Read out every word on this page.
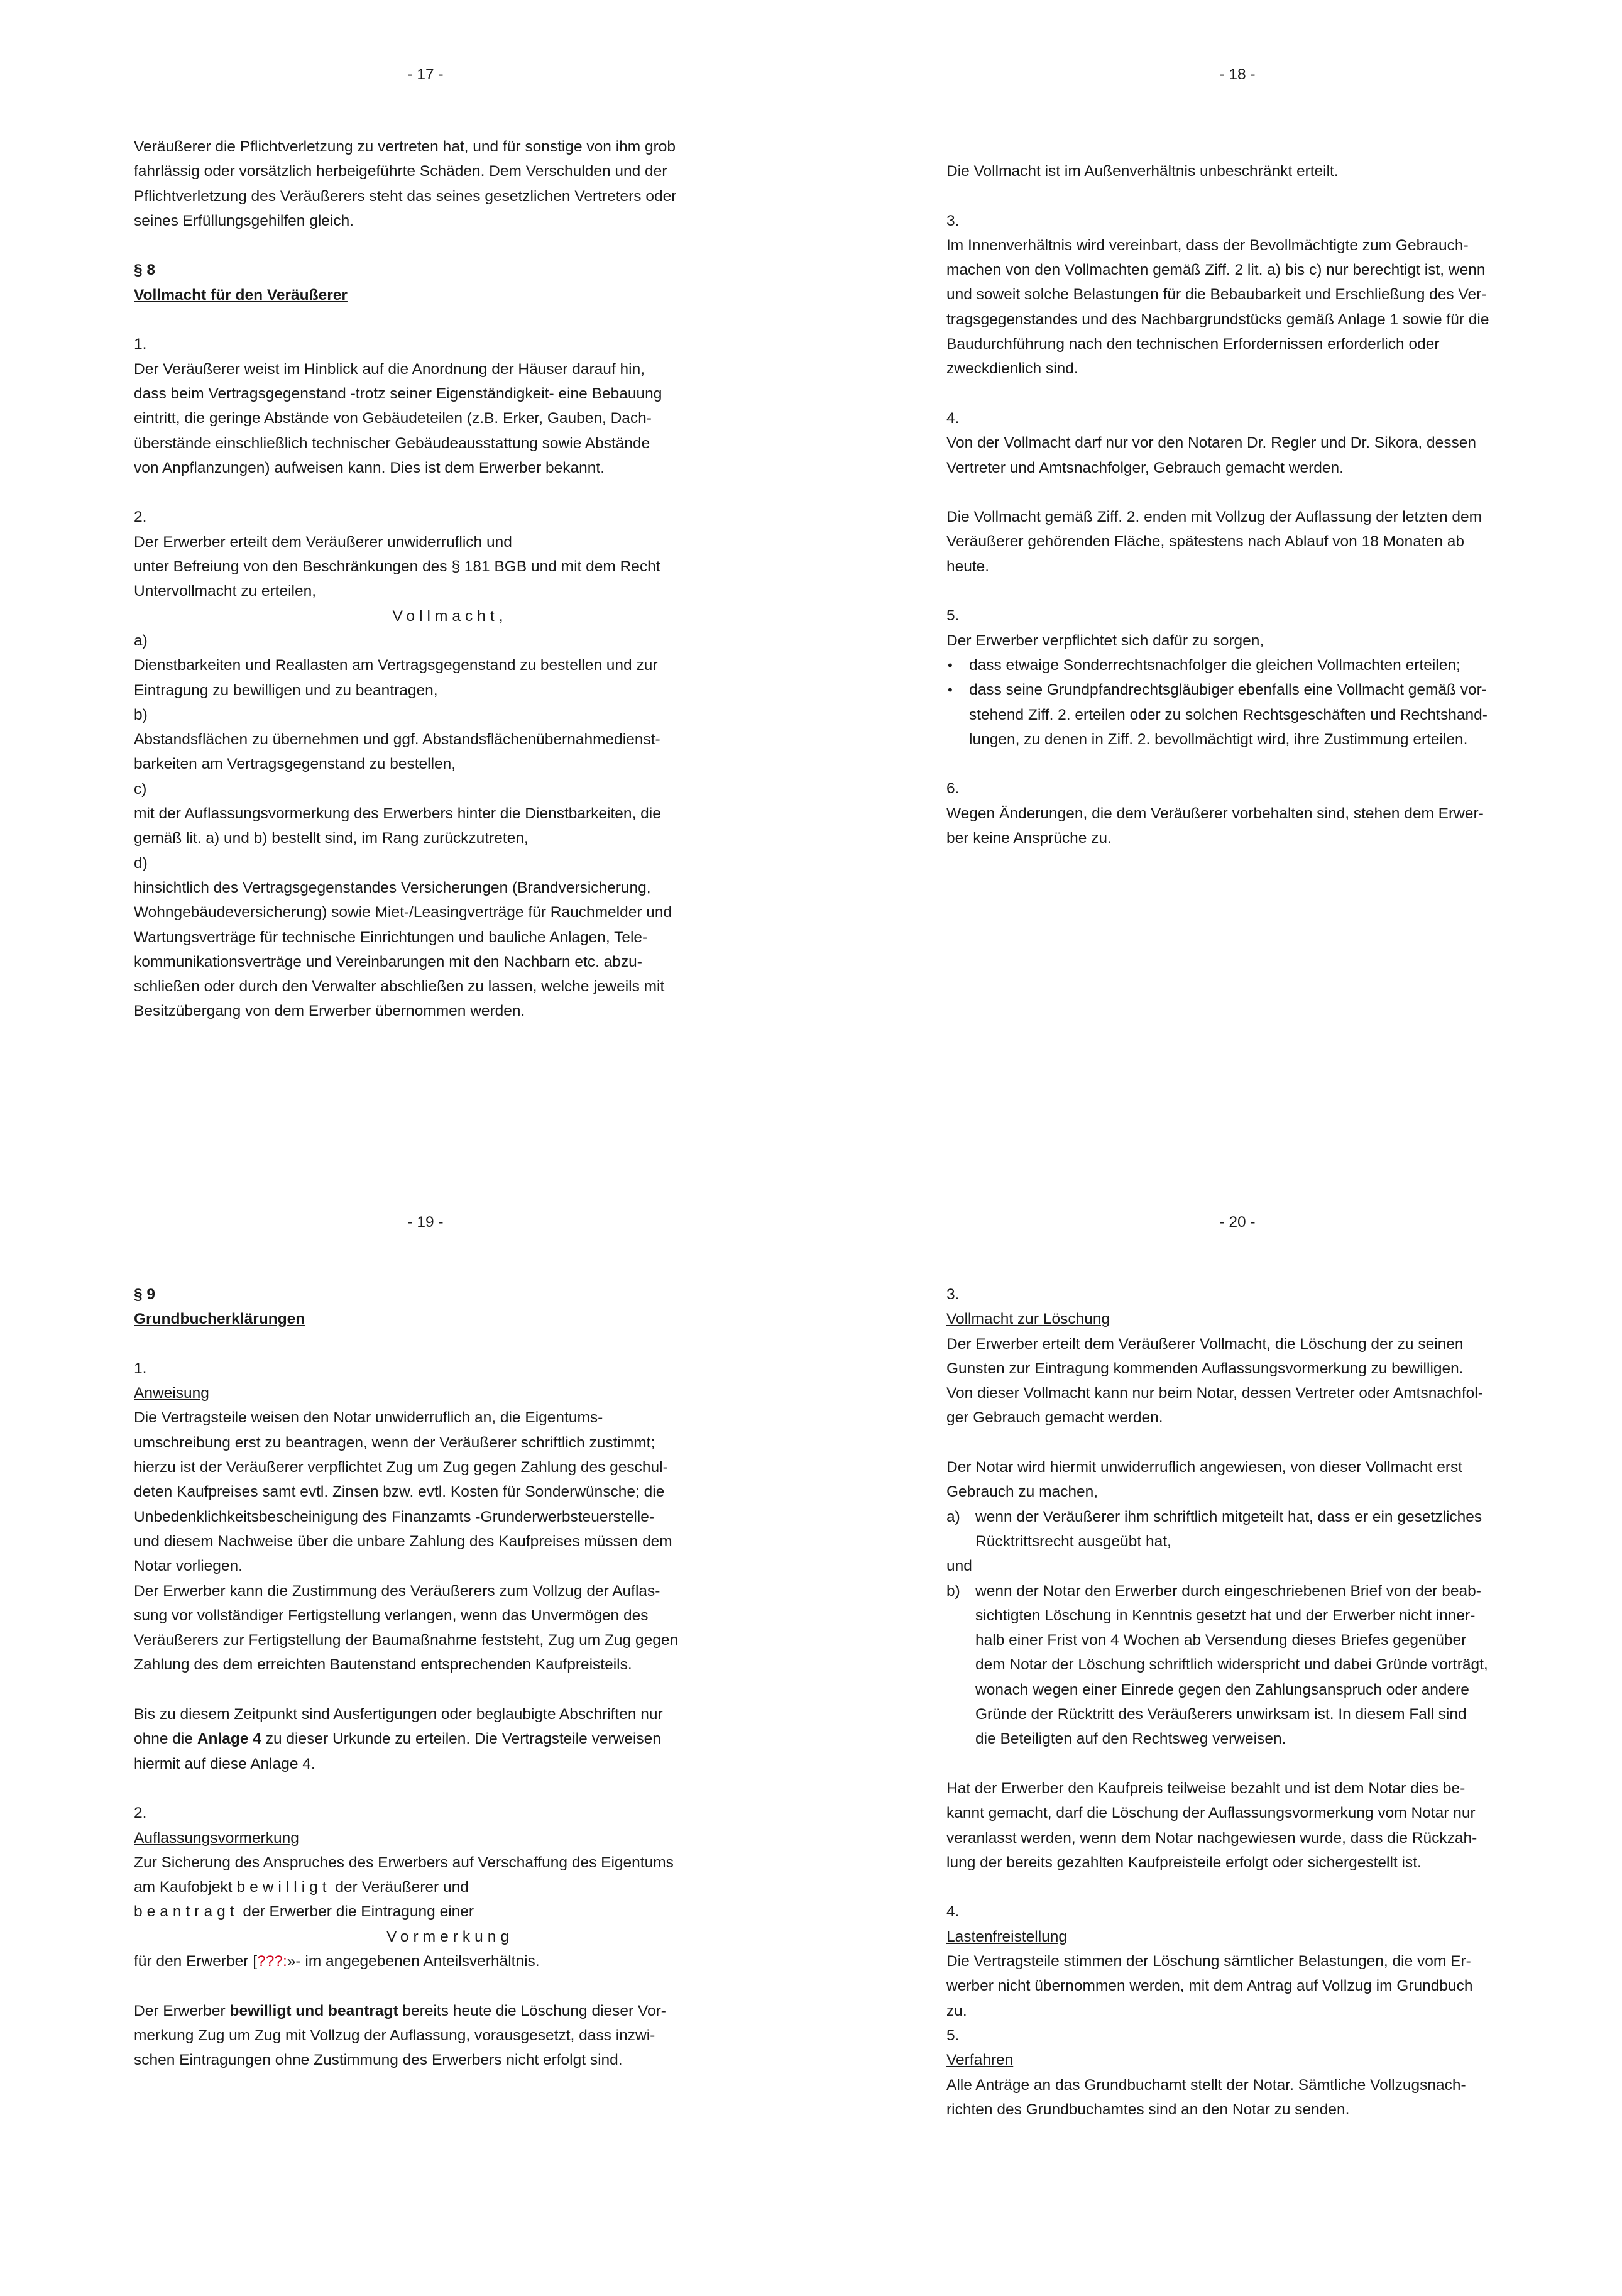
- 17 -	- 18 -
- 19 -	- 20 -
Veräußerer die Pflichtverletzung zu vertreten hat, und für sonstige von ihm grob
fahrlässig oder vorsätzlich herbeigeführte Schäden. Dem Verschulden und der
Pflichtverletzung des Veräußerers steht das seines gesetzlichen Vertreters oder
seines Erfüllungsgehilfen gleich.
§ 8
Vollmacht für den Veräußerer
1.
Der Veräußerer weist im Hinblick auf die Anordnung der Häuser darauf hin,
dass beim Vertragsgegenstand -trotz seiner Eigenständigkeit- eine Bebauung
eintritt, die geringe Abstände von Gebäudeteilen (z.B. Erker, Gauben, Dach-
überstände einschließlich technischer Gebäudeausstattung sowie Abstände
von Anpflanzungen) aufweisen kann. Dies ist dem Erwerber bekannt.
2.
Der Erwerber erteilt dem Veräußerer unwiderruflich und
unter Befreiung von den Beschränkungen des § 181 BGB und mit dem Recht
Untervollmacht zu erteilen,
Vollmacht,
a)
Dienstbarkeiten und Reallasten am Vertragsgegenstand zu bestellen und zur
Eintragung zu bewilligen und zu beantragen,
b)
Abstandsflächen zu übernehmen und ggf. Abstandsflächenübernahmedienst-
barkeiten am Vertragsgegenstand zu bestellen,
c)
mit der Auflassungsvormerkung des Erwerbers hinter die Dienstbarkeiten, die
gemäß lit. a) und b) bestellt sind, im Rang zurückzutreten,
d)
hinsichtlich des Vertragsgegenstandes Versicherungen (Brandversicherung,
Wohngebäudeversicherung) sowie Miet-/Leasingverträge für Rauchmelder und
Wartungsverträge für technische Einrichtungen und bauliche Anlagen, Tele-
kommunikationsverträge und Vereinbarungen mit den Nachbarn etc. abzu-
schließen oder durch den Verwalter abschließen zu lassen, welche jeweils mit
Besitzübergang von dem Erwerber übernommen werden.
Die Vollmacht ist im Außenverhältnis unbeschränkt erteilt.
3.
Im Innenverhältnis wird vereinbart, dass der Bevollmächtigte zum Gebrauch-
machen von den Vollmachten gemäß Ziff. 2 lit. a) bis c) nur berechtigt ist, wenn
und soweit solche Belastungen für die Bebaubarkeit und Erschließung des Ver-
tragsgegenstandes und des Nachbargrundstücks gemäß Anlage 1 sowie für die
Baudurchführung nach den technischen Erfordernissen erforderlich oder
zweckdienlich sind.
4.
Von der Vollmacht darf nur vor den Notaren Dr. Regler und Dr. Sikora, dessen
Vertreter und Amtsnachfolger, Gebrauch gemacht werden.
Die Vollmacht gemäß Ziff. 2. enden mit Vollzug der Auflassung der letzten dem
Veräußerer gehörenden Fläche, spätestens nach Ablauf von 18 Monaten ab
heute.
5.
Der Erwerber verpflichtet sich dafür zu sorgen,
• dass etwaige Sonderrechtsnachfolger die gleichen Vollmachten erteilen;
• dass seine Grundpfandrechtsgläubiger ebenfalls eine Vollmacht gemäß vor-
stehend Ziff. 2. erteilen oder zu solchen Rechtsgeschäften und Rechtshand-
lungen, zu denen in Ziff. 2. bevollmächtigt wird, ihre Zustimmung erteilen.
6.
Wegen Änderungen, die dem Veräußerer vorbehalten sind, stehen dem Erwer-
ber keine Ansprüche zu.
§ 9
Grundbucherklärungen
1.
Anweisung
Die Vertragsteile weisen den Notar unwiderruflich an, die Eigentums-
umschreibung erst zu beantragen, wenn der Veräußerer schriftlich zustimmt;
hierzu ist der Veräußerer verpflichtet Zug um Zug gegen Zahlung des geschul-
deten Kaufpreises samt evtl. Zinsen bzw. evtl. Kosten für Sonderwünsche; die
Unbedenklichkeitsbescheinigung des Finanzamts -Grunderwerbsteuerstelle-
und diesem Nachweise über die unbare Zahlung des Kaufpreises müssen dem
Notar vorliegen.
Der Erwerber kann die Zustimmung des Veräußerers zum Vollzug der Auflas-
sung vor vollständiger Fertigstellung verlangen, wenn das Unvermögen des
Veräußerers zur Fertigstellung der Baumaßnahme feststeht, Zug um Zug gegen
Zahlung des dem erreichten Bautenstand entsprechenden Kaufpreisteils.
Bis zu diesem Zeitpunkt sind Ausfertigungen oder beglaubigte Abschriften nur
ohne die Anlage 4 zu dieser Urkunde zu erteilen. Die Vertragsteile verweisen
hiermit auf diese Anlage 4.
2.
Auflassungsvormerkung
Zur Sicherung des Anspruches des Erwerbers auf Verschaffung des Eigentums
am Kaufobjekt bewilligt der Veräußerer und
beantragt der Erwerber die Eintragung einer
Vormerkung
für den Erwerber [???:»- im angegebenen Anteilsverhältnis.
Der Erwerber bewilligt und beantragt bereits heute die Löschung dieser Vor-
merkung Zug um Zug mit Vollzug der Auflassung, vorausgesetzt, dass inzwi-
schen Eintragungen ohne Zustimmung des Erwerbers nicht erfolgt sind.
3.
Vollmacht zur Löschung
Der Erwerber erteilt dem Veräußerer Vollmacht, die Löschung der zu seinen
Gunsten zur Eintragung kommenden Auflassungsvormerkung zu bewilligen.
Von dieser Vollmacht kann nur beim Notar, dessen Vertreter oder Amtsnachfol-
ger Gebrauch gemacht werden.
Der Notar wird hiermit unwiderruflich angewiesen, von dieser Vollmacht erst
Gebrauch zu machen,
a) wenn der Veräußerer ihm schriftlich mitgeteilt hat, dass er ein gesetzliches
Rücktrittsrecht ausgeübt hat,
und
b) wenn der Notar den Erwerber durch eingeschriebenen Brief von der beab-
sichtigten Löschung in Kenntnis gesetzt hat und der Erwerber nicht inner-
halb einer Frist von 4 Wochen ab Versendung dieses Briefes gegenüber
dem Notar der Löschung schriftlich widerspricht und dabei Gründe vorträgt,
wonach wegen einer Einrede gegen den Zahlungsanspruch oder andere
Gründe der Rücktritt des Veräußerers unwirksam ist. In diesem Fall sind
die Beteiligten auf den Rechtsweg verweisen.
Hat der Erwerber den Kaufpreis teilweise bezahlt und ist dem Notar dies be-
kannt gemacht, darf die Löschung der Auflassungsvormerkung vom Notar nur
veranlasst werden, wenn dem Notar nachgewiesen wurde, dass die Rückzah-
lung der bereits gezahlten Kaufpreisteile erfolgt oder sichergestellt ist.
4.
Lastenfreistellung
Die Vertragsteile stimmen der Löschung sämtlicher Belastungen, die vom Er-
werber nicht übernommen werden, mit dem Antrag auf Vollzug im Grundbuch
zu.
5.
Verfahren
Alle Anträge an das Grundbuchamt stellt der Notar. Sämtliche Vollzugsnach-
richten des Grundbuchamtes sind an den Notar zu senden.
